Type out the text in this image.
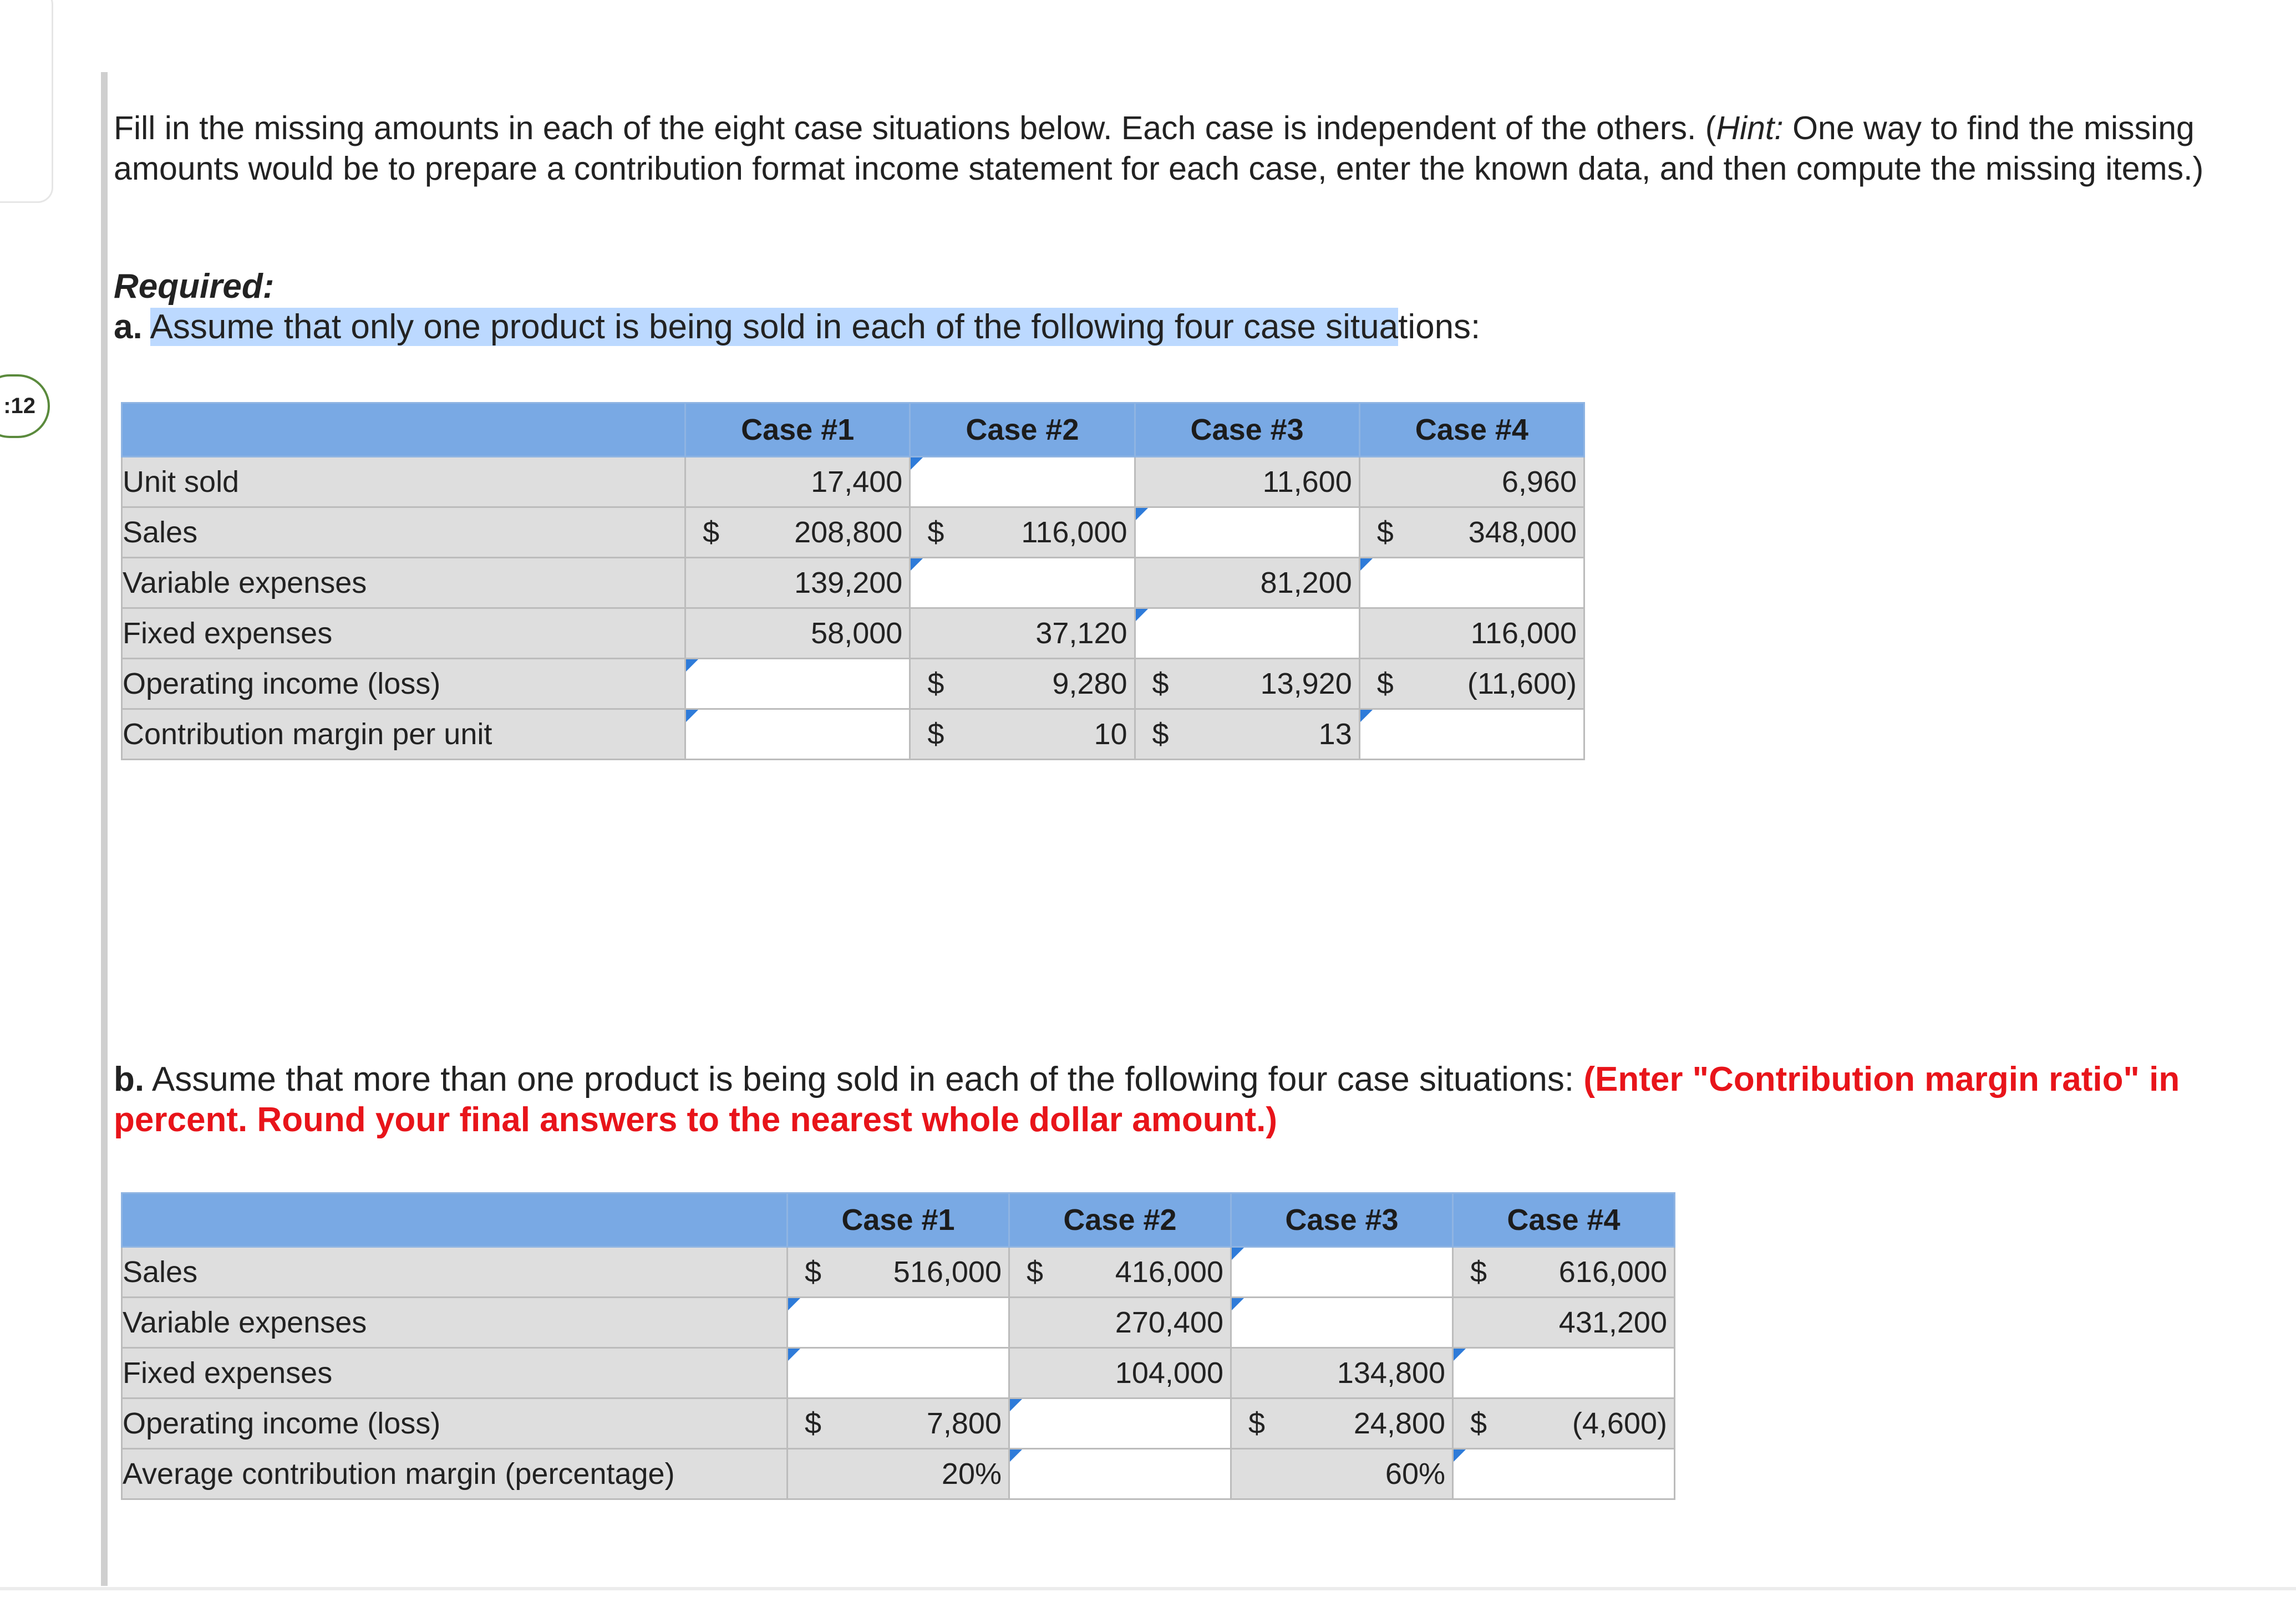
:12
Fill in the missing amounts in each of the eight case situations below. Each case is independent of the others. (Hint: One way to find the missing amounts would be to prepare a contribution format income statement for each case, enter the known data, and then compute the missing items.)
Required:
a. Assume that only one product is being sold in each of the following four case situations:
b. Assume that more than one product is being sold in each of the following four case situations: (Enter "Contribution margin ratio" in percent. Round your final answers to the nearest whole dollar amount.)
	Case #1	Case #2	Case #3	Case #4
Unit sold	17,400		11,600	6,960

Sales	$ 208,800	$ 116,000		$ 348,000

Variable expenses	139,200		81,200	

Fixed expenses	58,000	37,120		116,000

Operating income (loss)		$ 9,280	$ 13,920	$ (11,600)

Contribution margin per unit		$ 10	$ 13	

	Case #1	Case #2	Case #3	Case #4
Sales	$ 516,000	$ 416,000		$ 616,000

Variable expenses		270,400		431,200

Fixed expenses		104,000	134,800	

Operating income (loss)	$ 7,800		$ 24,800	$ (4,600)

Average contribution margin (percentage)	20%		60%	
